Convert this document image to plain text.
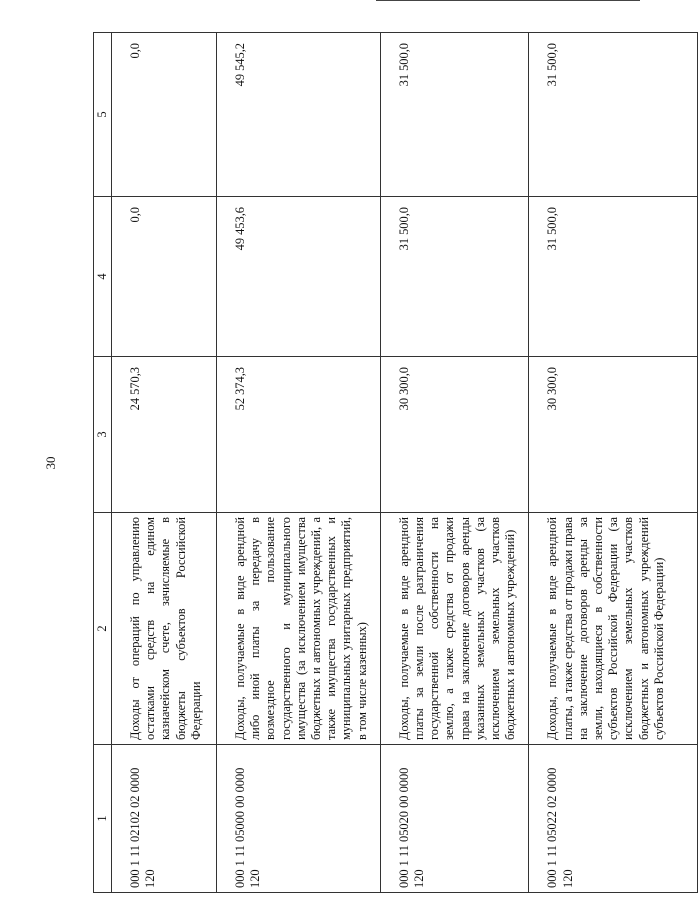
30
1	2	3	4	5
000 1 11 02102 02 0000 120	Доходы от операций по управлению остатками средств на едином казначейском счете, зачисляемые в бюджеты субъектов Российской Федерации	24 570,3	0,0	0,0
000 1 11 05000 00 0000 120	Доходы, получаемые в виде арендной либо иной платы за передачу в возмездное пользование государственного и муниципального имущества (за исключением имущества бюджетных и автономных учреждений, а также имущества государственных и муниципальных унитарных предприятий, в том числе казенных)	52 374,3	49 453,6	49 545,2
000 1 11 05020 00 0000 120	Доходы, получаемые в виде арендной платы за земли после разграничения государственной собственности на землю, а также средства от продажи права на заключение договоров аренды указанных земельных участков (за исключением земельных участков бюджетных и автономных учреждений)	30 300,0	31 500,0	31 500,0
000 1 11 05022 02 0000 120	Доходы, получаемые в виде арендной платы, а также средства от продажи права на заключение договоров аренды за земли, находящиеся в собственности субъектов Российской Федерации (за исключением земельных участков бюджетных и автономных учреждений субъектов Российской Федерации)	30 300,0	31 500,0	31 500,0
